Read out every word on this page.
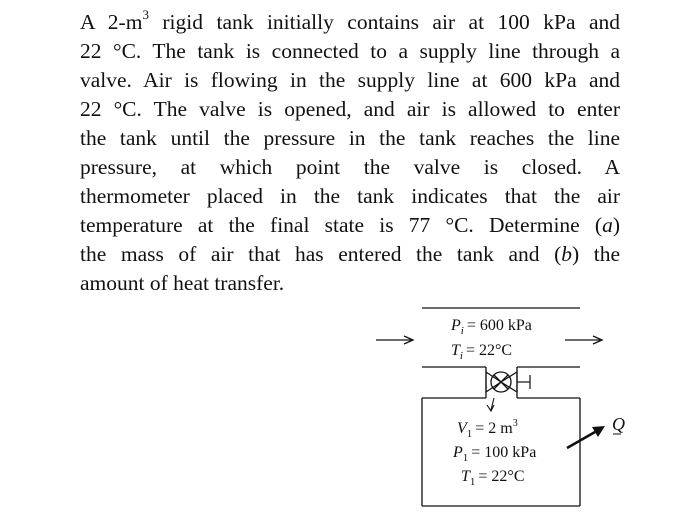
A $2-m^3$ rigid tank initially contains air at 100 kPa and
22 °C. The tank is connected to a supply line through a
valve. Air is flowing in the supply line at 600 kPa and
22 °C. The valve is opened, and air is allowed to enter
the tank until the pressure in the tank reaches the line
pressure, at which point the valve is closed. A
thermometer placed in the tank indicates that the air
temperature at the final state is 77 °C. Determine (a)
the mass of air that has entered the tank and (b) the
amount of heat transfer.
$P_i = 600$ kPa
$T_i = 22^\circ C$
$V_1 = 2$ $m^3$
$P_1 = 100$ kPa
$T_1 = 22^\circ C$
Q
